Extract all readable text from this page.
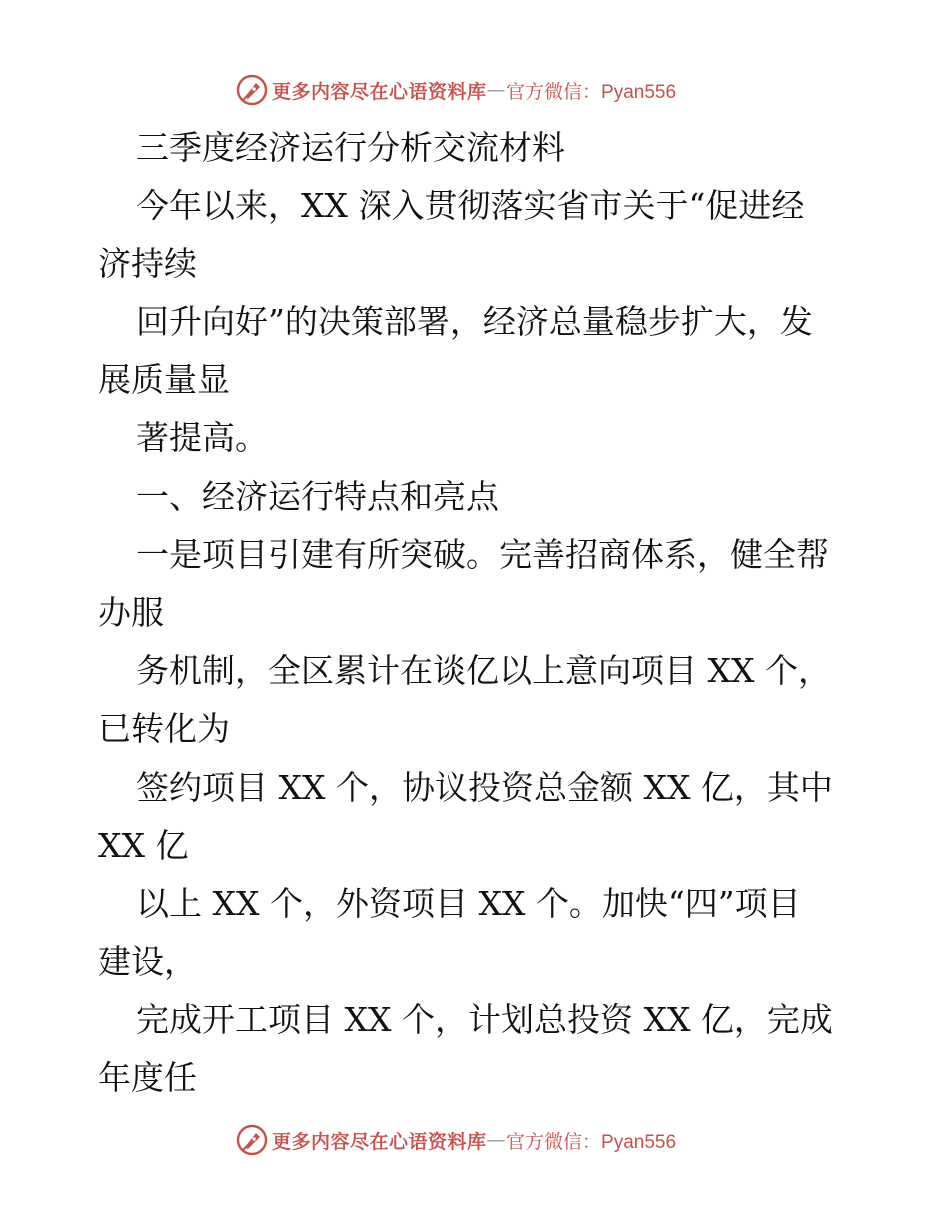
更多内容尽在心语资料库 — 官方微信：Pyan556
三季度经济运行分析交流材料
今年以来，XX 深入贯彻落实省市关于“促进经
济持续
回升向好”的决策部署，经济总量稳步扩大，发
展质量显
著提高。
一、经济运行特点和亮点
一是项目引建有所突破。完善招商体系，健全帮
办服
务机制，全区累计在谈亿以上意向项目 XX 个，
已转化为
签约项目 XX 个，协议投资总金额 XX 亿，其中
XX 亿
以上 XX 个，外资项目 XX 个。加快“四”项目
建设，
完成开工项目 XX 个，计划总投资 XX 亿，完成
年度任
更多内容尽在心语资料库 — 官方微信：Pyan556
